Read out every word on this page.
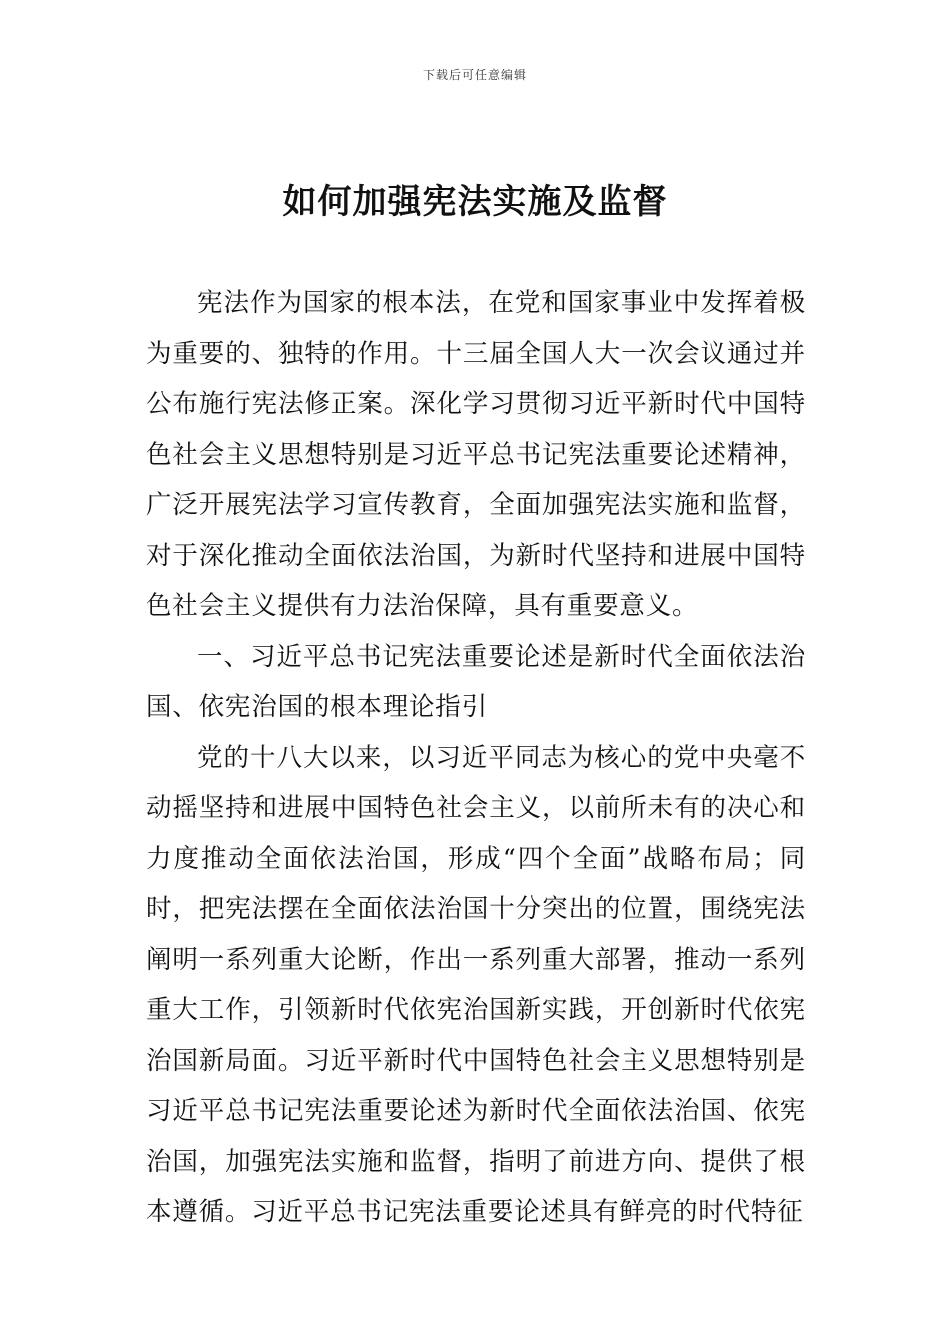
下载后可任意编辑
如何加强宪法实施及监督

宪法作为国家的根本法，在党和国家事业中发挥着极为重要的、独特的作用。十三届全国人大一次会议通过并公布施行宪法修正案。深化学习贯彻习近平新时代中国特色社会主义思想特别是习近平总书记宪法重要论述精神，广泛开展宪法学习宣传教育，全面加强宪法实施和监督，对于深化推动全面依法治国，为新时代坚持和进展中国特色社会主义提供有力法治保障，具有重要意义。

一、习近平总书记宪法重要论述是新时代全面依法治国、依宪治国的根本理论指引

党的十八大以来，以习近平同志为核心的党中央毫不动摇坚持和进展中国特色社会主义，以前所未有的决心和力度推动全面依法治国，形成“四个全面”战略布局；同时，把宪法摆在全面依法治国十分突出的位置，围绕宪法阐明一系列重大论断，作出一系列重大部署，推动一系列重大工作，引领新时代依宪治国新实践，开创新时代依宪治国新局面。习近平新时代中国特色社会主义思想特别是习近平总书记宪法重要论述为新时代全面依法治国、依宪治国，加强宪法实施和监督，指明了前进方向、提供了根本遵循。习近平总书记宪法重要论述具有鲜亮的时代特征
